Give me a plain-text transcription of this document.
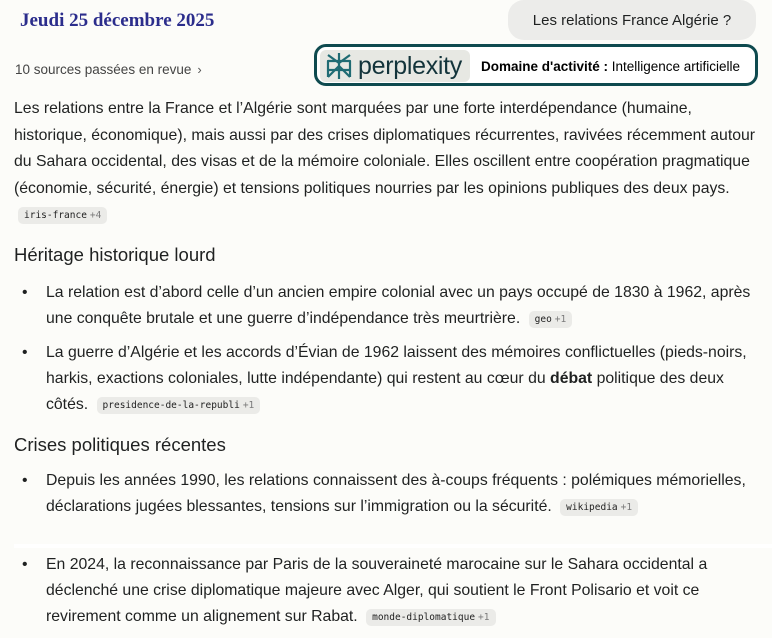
Jeudi 25 décembre 2025	Les relations France Algérie ?
10 sources passées en revue ›	perplexity Domaine d'activité : Intelligence artificielle

Les relations entre la France et l’Algérie sont marquées par une forte interdépendance (humaine, historique, économique), mais aussi par des crises diplomatiques récurrentes, ravivées récemment autour du Sahara occidental, des visas et de la mémoire coloniale. Elles oscillent entre coopération pragmatique (économie, sécurité, énergie) et tensions politiques nourries par les opinions publiques des deux pays. iris-france +4

Héritage historique lourd
• La relation est d’abord celle d’un ancien empire colonial avec un pays occupé de 1830 à 1962, après une conquête brutale et une guerre d’indépendance très meurtrière. geo +1
• La guerre d’Algérie et les accords d’Évian de 1962 laissent des mémoires conflictuelles (pieds-noirs, harkis, exactions coloniales, lutte indépendante) qui restent au cœur du débat politique des deux côtés. presidence-de-la-republi +1
Crises politiques récentes
• Depuis les années 1990, les relations connaissent des à-coups fréquents : polémiques mémorielles, déclarations jugées blessantes, tensions sur l’immigration ou la sécurité. wikipedia +1
• En 2024, la reconnaissance par Paris de la souveraineté marocaine sur le Sahara occidental a déclenché une crise diplomatique majeure avec Alger, qui soutient le Front Polisario et voit ce revirement comme un alignement sur Rabat. monde-diplomatique +1
